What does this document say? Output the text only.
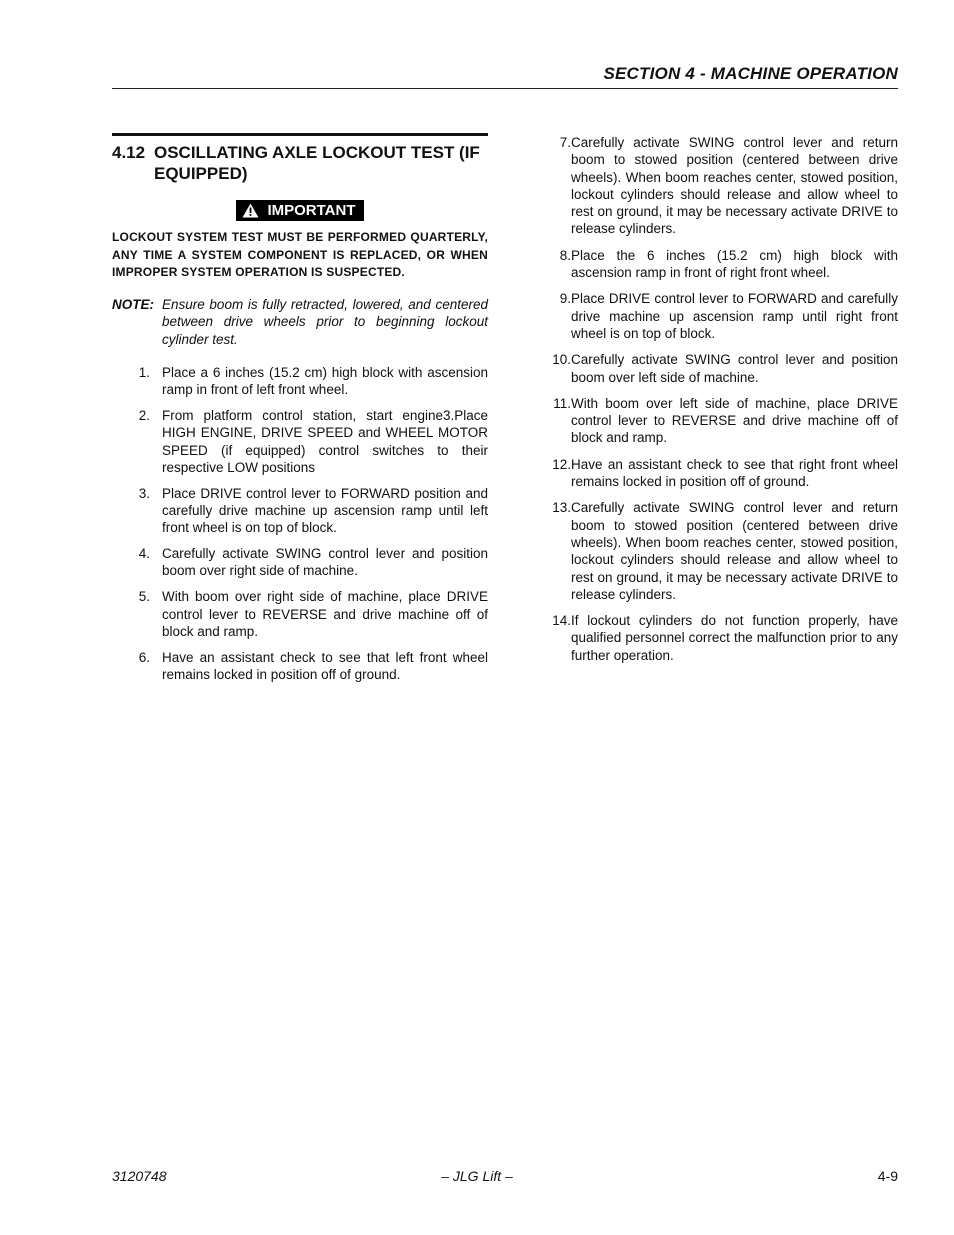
SECTION 4 - MACHINE OPERATION
4.12 OSCILLATING AXLE LOCKOUT TEST (IF EQUIPPED)
IMPORTANT
LOCKOUT SYSTEM TEST MUST BE PERFORMED QUARTERLY, ANY TIME A SYSTEM COMPONENT IS REPLACED, OR WHEN IMPROPER SYSTEM OPERATION IS SUSPECTED.
NOTE: Ensure boom is fully retracted, lowered, and centered between drive wheels prior to beginning lockout cylinder test.
1. Place a 6 inches (15.2 cm) high block with ascension ramp in front of left front wheel.
2. From platform control station, start engine3.Place HIGH ENGINE, DRIVE SPEED and WHEEL MOTOR SPEED (if equipped) control switches to their respective LOW positions
3. Place DRIVE control lever to FORWARD position and carefully drive machine up ascension ramp until left front wheel is on top of block.
4. Carefully activate SWING control lever and position boom over right side of machine.
5. With boom over right side of machine, place DRIVE control lever to REVERSE and drive machine off of block and ramp.
6. Have an assistant check to see that left front wheel remains locked in position off of ground.
7. Carefully activate SWING control lever and return boom to stowed position (centered between drive wheels). When boom reaches center, stowed position, lockout cylinders should release and allow wheel to rest on ground, it may be necessary activate DRIVE to release cylinders.
8. Place the 6 inches (15.2 cm) high block with ascension ramp in front of right front wheel.
9. Place DRIVE control lever to FORWARD and carefully drive machine up ascension ramp until right front wheel is on top of block.
10. Carefully activate SWING control lever and position boom over left side of machine.
11. With boom over left side of machine, place DRIVE control lever to REVERSE and drive machine off of block and ramp.
12. Have an assistant check to see that right front wheel remains locked in position off of ground.
13. Carefully activate SWING control lever and return boom to stowed position (centered between drive wheels). When boom reaches center, stowed position, lockout cylinders should release and allow wheel to rest on ground, it may be necessary activate DRIVE to release cylinders.
14. If lockout cylinders do not function properly, have qualified personnel correct the malfunction prior to any further operation.
3120748	– JLG Lift –	4-9
